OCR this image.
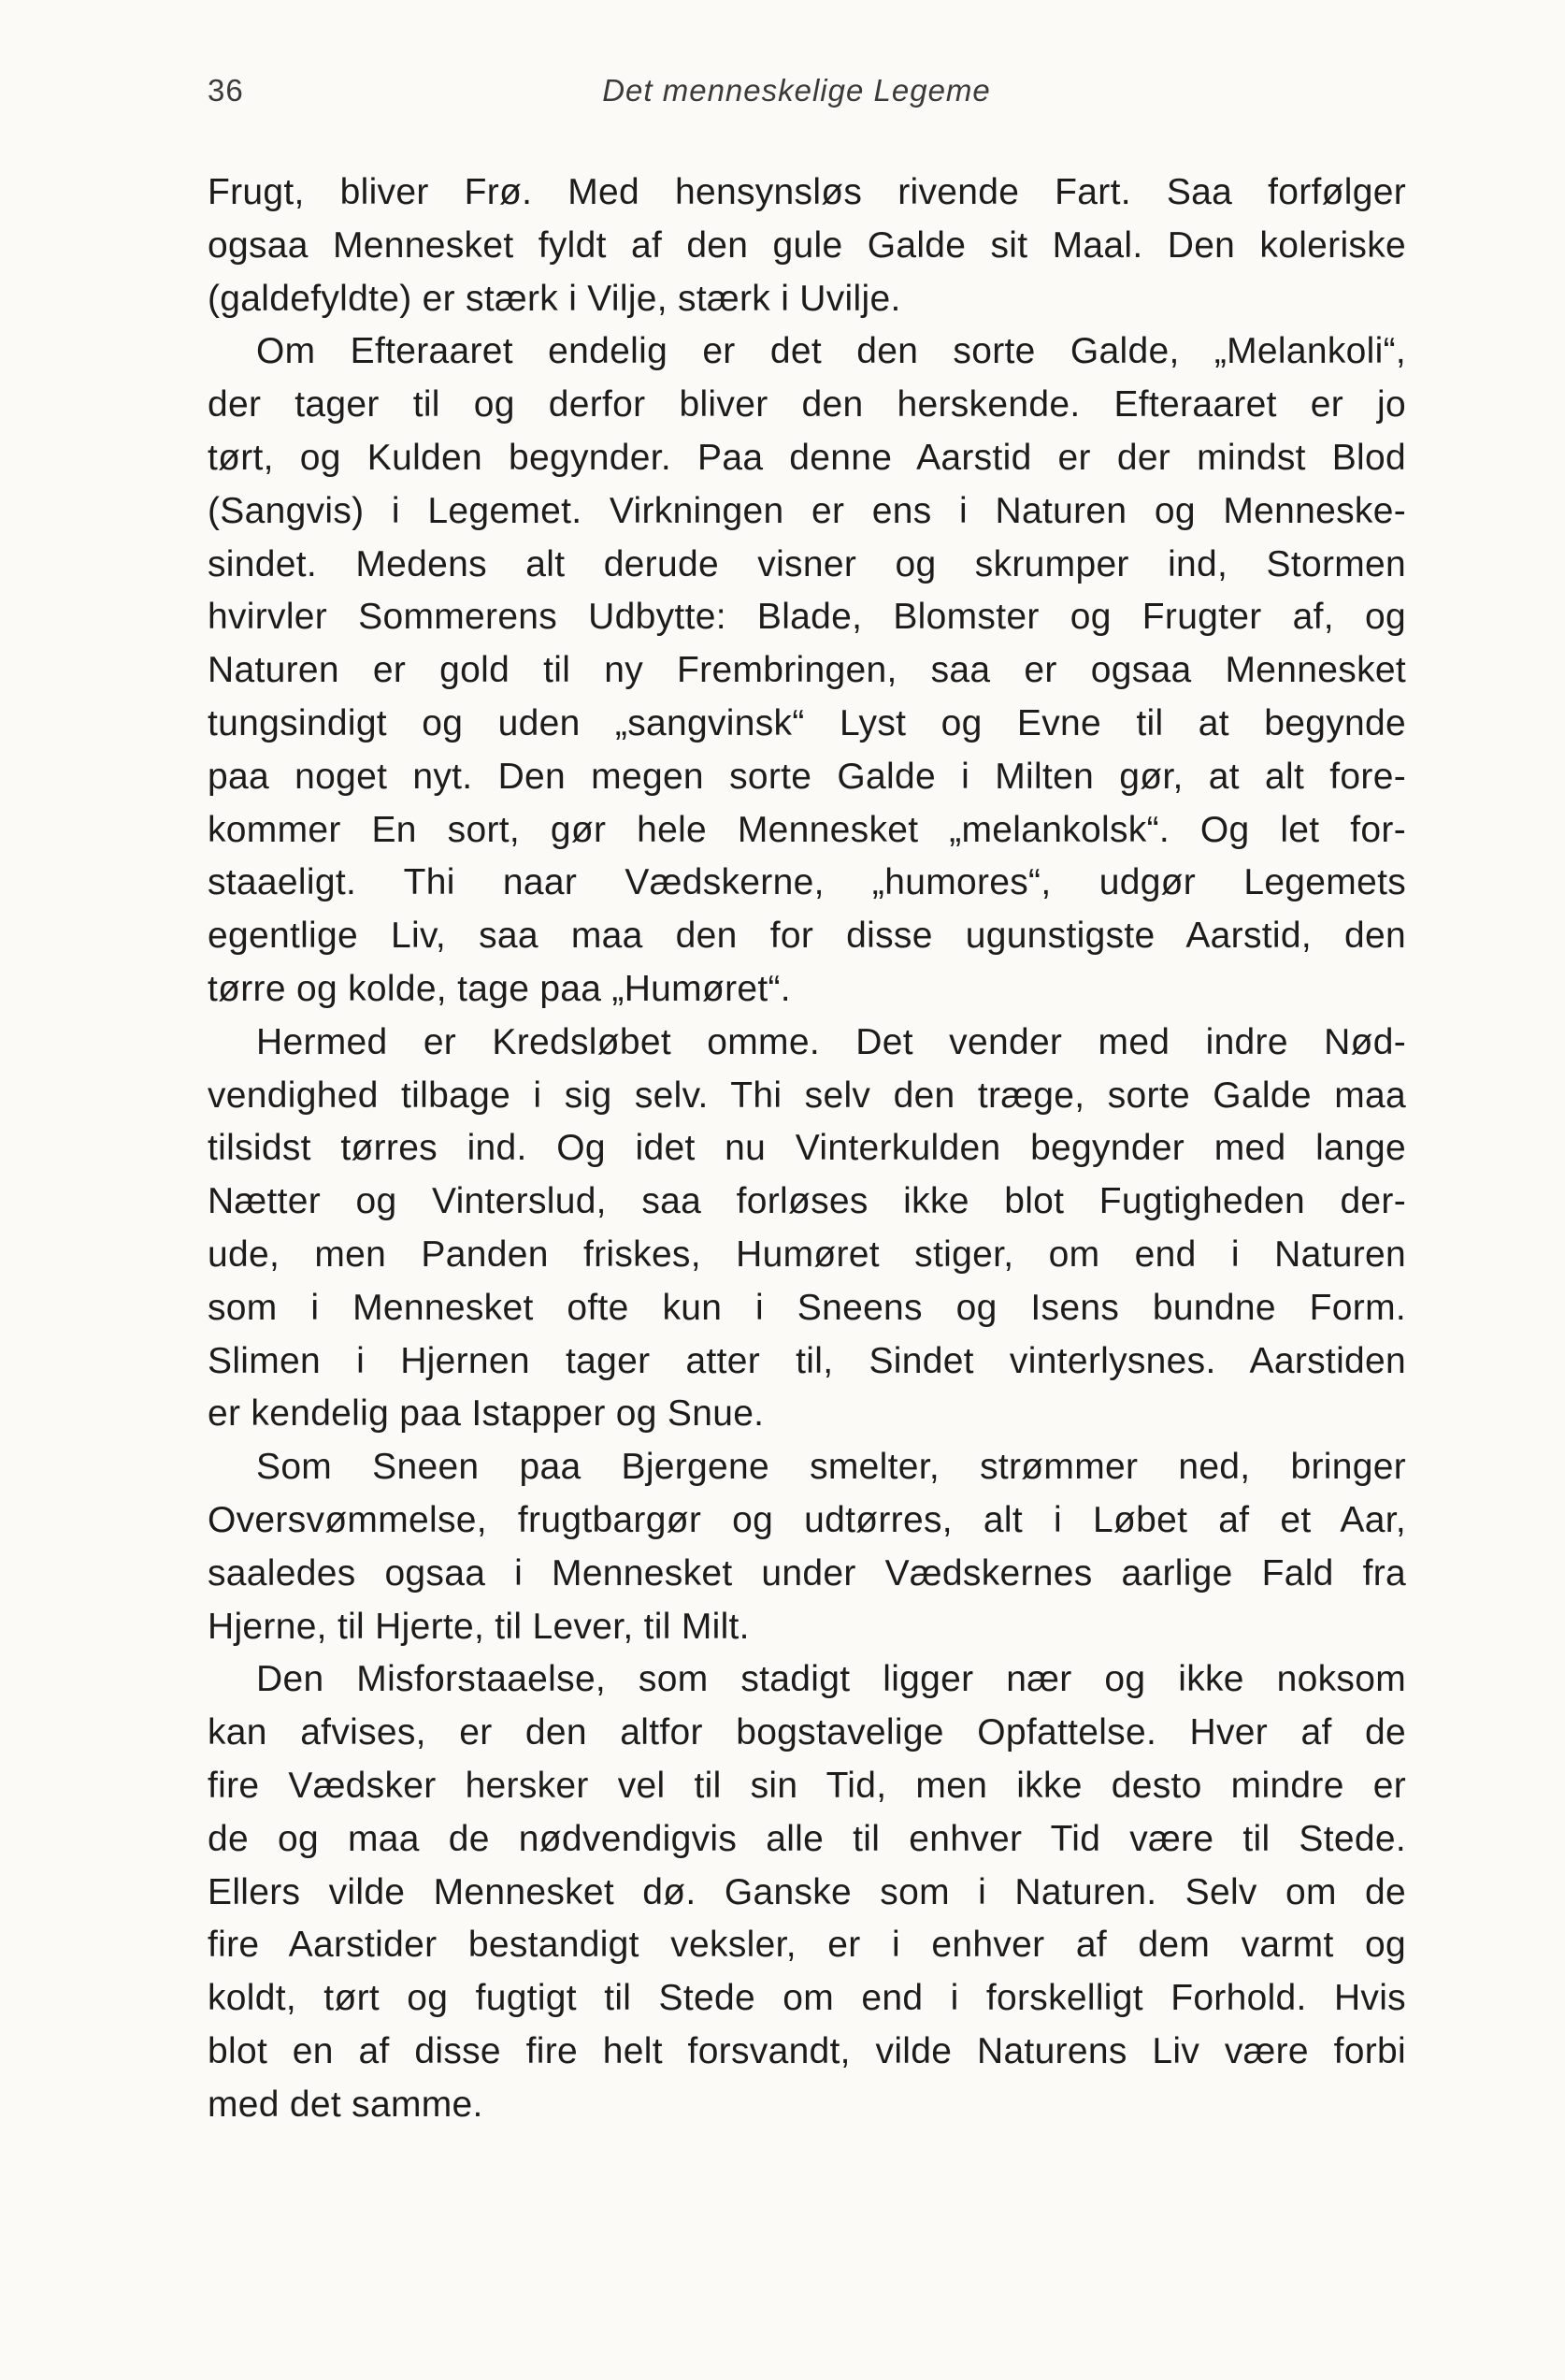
36	Det menneskelige Legeme
Frugt, bliver Frø. Med hensynsløs rivende Fart. Saa forfølger
ogsaa Mennesket fyldt af den gule Galde sit Maal. Den koleriske
(galdefyldte) er stærk i Vilje, stærk i Uvilje.
Om Efteraaret endelig er det den sorte Galde, „Melankoli“,
der tager til og derfor bliver den herskende. Efteraaret er jo
tørt, og Kulden begynder. Paa denne Aarstid er der mindst Blod
(Sangvis) i Legemet. Virkningen er ens i Naturen og Menneske-
sindet. Medens alt derude visner og skrumper ind, Stormen
hvirvler Sommerens Udbytte: Blade, Blomster og Frugter af, og
Naturen er gold til ny Frembringen, saa er ogsaa Mennesket
tungsindigt og uden „sangvinsk“ Lyst og Evne til at begynde
paa noget nyt. Den megen sorte Galde i Milten gør, at alt fore-
kommer En sort, gør hele Mennesket „melankolsk“. Og let for-
staaeligt. Thi naar Vædskerne, „humores“, udgør Legemets
egentlige Liv, saa maa den for disse ugunstigste Aarstid, den
tørre og kolde, tage paa „Humøret“.
Hermed er Kredsløbet omme. Det vender med indre Nød-
vendighed tilbage i sig selv. Thi selv den træge, sorte Galde maa
tilsidst tørres ind. Og idet nu Vinterkulden begynder med lange
Nætter og Vinterslud, saa forløses ikke blot Fugtigheden der-
ude, men Panden friskes, Humøret stiger, om end i Naturen
som i Mennesket ofte kun i Sneens og Isens bundne Form.
Slimen i Hjernen tager atter til, Sindet vinterlysnes. Aarstiden
er kendelig paa Istapper og Snue.
Som Sneen paa Bjergene smelter, strømmer ned, bringer
Oversvømmelse, frugtbargør og udtørres, alt i Løbet af et Aar,
saaledes ogsaa i Mennesket under Vædskernes aarlige Fald fra
Hjerne, til Hjerte, til Lever, til Milt.
Den Misforstaaelse, som stadigt ligger nær og ikke noksom
kan afvises, er den altfor bogstavelige Opfattelse. Hver af de
fire Vædsker hersker vel til sin Tid, men ikke desto mindre er
de og maa de nødvendigvis alle til enhver Tid være til Stede.
Ellers vilde Mennesket dø. Ganske som i Naturen. Selv om de
fire Aarstider bestandigt veksler, er i enhver af dem varmt og
koldt, tørt og fugtigt til Stede om end i forskelligt Forhold. Hvis
blot en af disse fire helt forsvandt, vilde Naturens Liv være forbi
med det samme.
